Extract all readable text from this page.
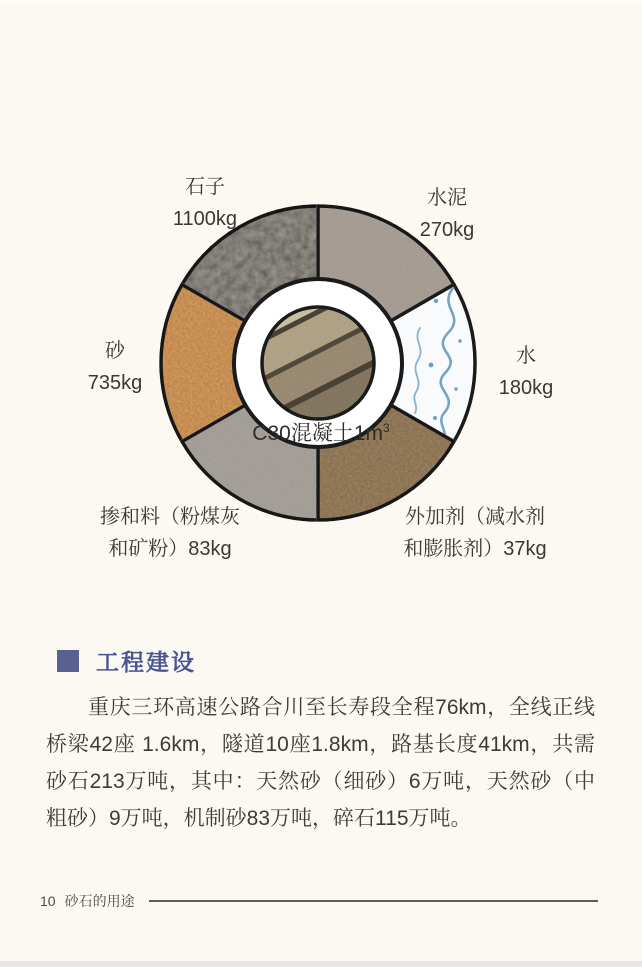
石子
1100kg
水泥
270kg
砂
735kg
水
180kg
掺和料（粉煤灰
和矿粉）83kg
外加剂（减水剂
和膨胀剂）37kg
C30混凝土$1m^3$
工程建设
重庆三环高速公路合川至长寿段全程76km，全线正线桥梁42座 1.6km，隧道10座1.8km，路基长度41km，共需砂石213万吨，其中：天然砂（细砂）6万吨，天然砂（中粗砂）9万吨，机制砂83万吨，碎石115万吨。
10 砂石的用途
